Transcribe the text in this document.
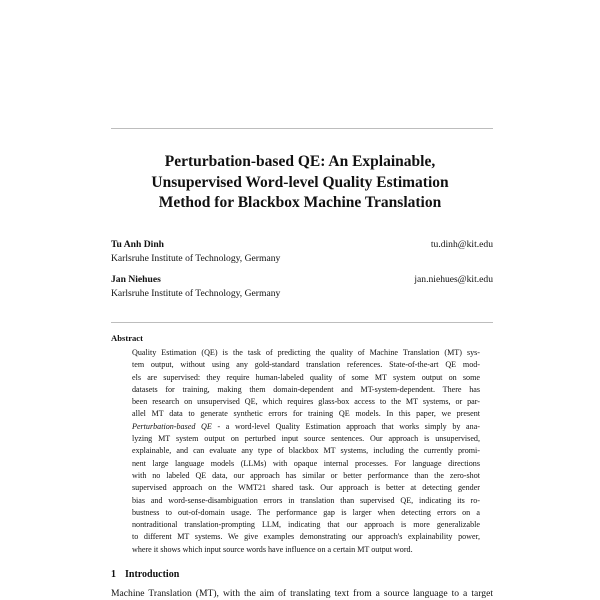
Perturbation-based QE: An Explainable,
Unsupervised Word-level Quality Estimation
Method for Blackbox Machine Translation
Tu Anh Dinh	tu.dinh@kit.edu
Karlsruhe Institute of Technology, Germany
Jan Niehues	jan.niehues@kit.edu
Karlsruhe Institute of Technology, Germany
Abstract
Quality Estimation (QE) is the task of predicting the quality of Machine Translation (MT) sys-
tem output, without using any gold-standard translation references. State-of-the-art QE mod-
els are supervised: they require human-labeled quality of some MT system output on some
datasets for training, making them domain-dependent and MT-system-dependent. There has
been research on unsupervised QE, which requires glass-box access to the MT systems, or par-
allel MT data to generate synthetic errors for training QE models. In this paper, we present
Perturbation-based QE - a word-level Quality Estimation approach that works simply by ana-
lyzing MT system output on perturbed input source sentences. Our approach is unsupervised,
explainable, and can evaluate any type of blackbox MT systems, including the currently promi-
nent large language models (LLMs) with opaque internal processes. For language directions
with no labeled QE data, our approach has similar or better performance than the zero-shot
supervised approach on the WMT21 shared task. Our approach is better at detecting gender
bias and word-sense-disambiguation errors in translation than supervised QE, indicating its ro-
bustness to out-of-domain usage. The performance gap is larger when detecting errors on a
nontraditional translation-prompting LLM, indicating that our approach is more generalizable
to different MT systems. We give examples demonstrating our approach's explainability power,
where it shows which input source words have influence on a certain MT output word.
1 Introduction
Machine Translation (MT), with the aim of translating text from a source language to a target
